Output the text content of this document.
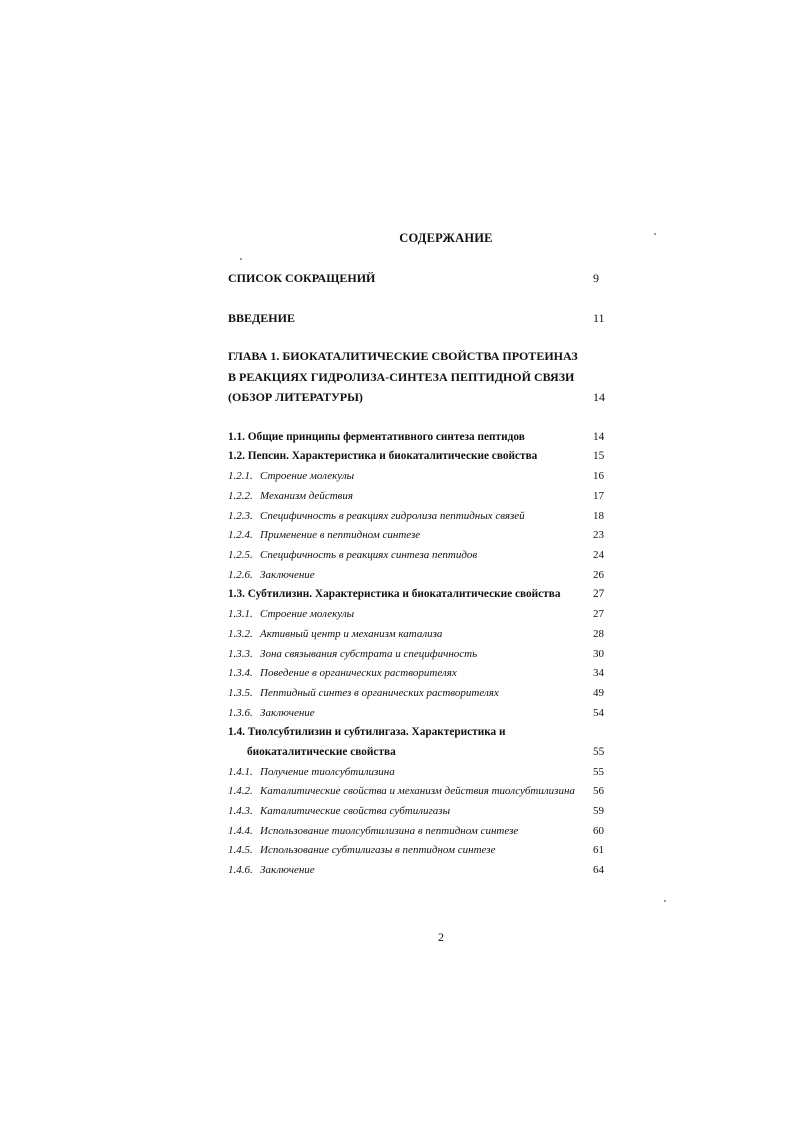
СОДЕРЖАНИЕ
СПИСОК СОКРАЩЕНИЙ	9
ВВЕДЕНИЕ	11
ГЛАВА 1. БИОКАТАЛИТИЧЕСКИЕ СВОЙСТВА ПРОТЕИНАЗ
В РЕАКЦИЯХ ГИДРОЛИЗА-СИНТЕЗА ПЕПТИДНОЙ СВЯЗИ
(ОБЗОР ЛИТЕРАТУРЫ)	14
1.1. Общие принципы ферментативного синтеза пептидов	14
1.2. Пепсин. Характеристика и биокаталитические свойства	15
1.2.1. Строение молекулы	16
1.2.2. Механизм действия	17
1.2.3. Специфичность в реакциях гидролиза пептидных связей	18
1.2.4. Применение в пептидном синтезе	23
1.2.5. Специфичность в реакциях синтеза пептидов	24
1.2.6. Заключение	26
1.3. Субтилизин. Характеристика и биокаталитические свойства	27
1.3.1. Строение молекулы	27
1.3.2. Активный центр и механизм катализа	28
1.3.3. Зона связывания субстрата и специфичность	30
1.3.4. Поведение в органических растворителях	34
1.3.5. Пептидный синтез в органических растворителях	49
1.3.6. Заключение	54
1.4. Тиолсубтилизин и субтилигаза. Характеристика и
биокаталитические свойства	55
1.4.1. Получение тиолсубтилизина	55
1.4.2. Каталитические свойства и механизм действия тиолсубтилизина 56
1.4.3. Каталитические свойства субтилигазы	59
1.4.4. Использование тиолсубтилизина в пептидном синтезе	60
1.4.5. Использование субтилигазы в пептидном синтезе	61
1.4.6. Заключение	64
2
